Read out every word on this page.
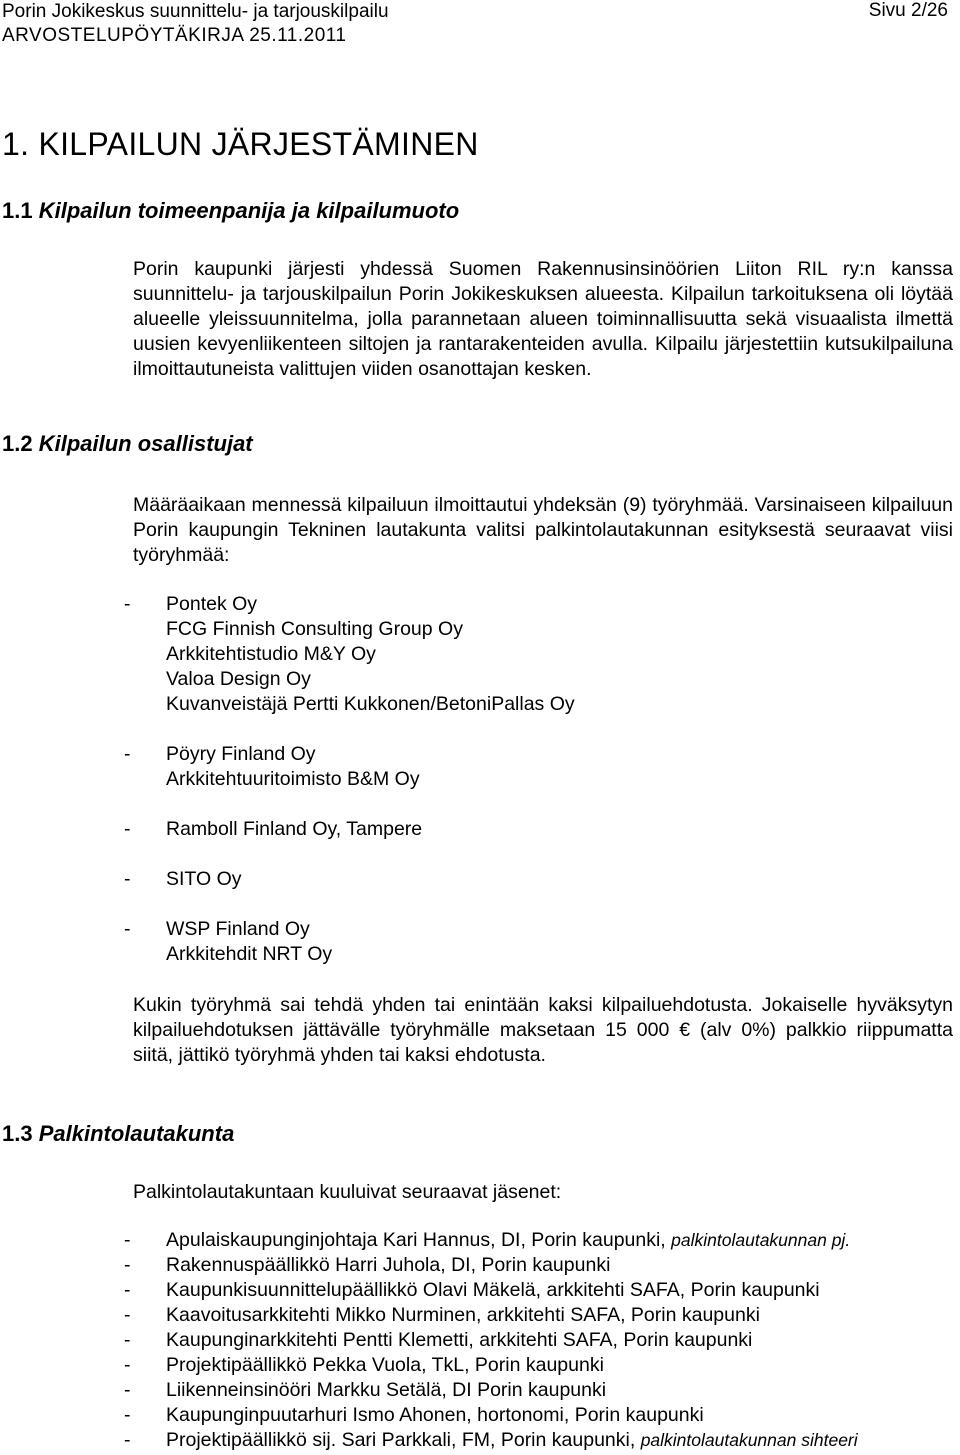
Porin Jokikeskus suunnittelu- ja tarjouskilpailu
ARVOSTELUPÖYTÄKIRJA 25.11.2011
Sivu 2/26
1. KILPAILUN JÄRJESTÄMINEN
1.1 Kilpailun toimeenpanija ja kilpailumuoto

Porin kaupunki järjesti yhdessä Suomen Rakennusinsinöörien Liiton RIL ry:n kanssa suunnittelu- ja tarjouskilpailun Porin Jokikeskuksen alueesta. Kilpailun tarkoituksena oli löytää alueelle yleissuunnitelma, jolla parannetaan alueen toiminnallisuutta sekä visuaalista ilmettä uusien kevyenliikenteen siltojen ja rantarakenteiden avulla. Kilpailu järjestettiin kutsukilpailuna ilmoittautuneista valittujen viiden osanottajan kesken.

1.2 Kilpailun osallistujat

Määräaikaan mennessä kilpailuun ilmoittautui yhdeksän (9) työryhmää. Varsinaiseen kilpailuun Porin kaupungin Tekninen lautakunta valitsi palkintolautakunnan esityksestä seuraavat viisi työryhmää:

- Pontek Oy
FCG Finnish Consulting Group Oy
Arkkitehtistudio M&Y Oy
Valoa Design Oy
Kuvanveistäjä Pertti Kukkonen/BetoniPallas Oy
- Pöyry Finland Oy
Arkkitehtuuritoimisto B&M Oy
- Ramboll Finland Oy, Tampere
- SITO Oy
- WSP Finland Oy
Arkkitehdit NRT Oy

Kukin työryhmä sai tehdä yhden tai enintään kaksi kilpailuehdotusta. Jokaiselle hyväksytyn kilpailuehdotuksen jättävälle työryhmälle maksetaan 15 000 € (alv 0%) palkkio riippumatta siitä, jättikö työryhmä yhden tai kaksi ehdotusta.

1.3 Palkintolautakunta

Palkintolautakuntaan kuuluivat seuraavat jäsenet:

- Apulaiskaupunginjohtaja Kari Hannus, DI, Porin kaupunki, palkintolautakunnan pj.
- Rakennuspäällikkö Harri Juhola, DI, Porin kaupunki
- Kaupunkisuunnittelupäällikkö Olavi Mäkelä, arkkitehti SAFA, Porin kaupunki
- Kaavoitusarkkitehti Mikko Nurminen, arkkitehti SAFA, Porin kaupunki
- Kaupunginarkkitehti Pentti Klemetti, arkkitehti SAFA, Porin kaupunki
- Projektipäällikkö Pekka Vuola, TkL, Porin kaupunki
- Liikenneinsinööri Markku Setälä, DI Porin kaupunki
- Kaupunginpuutarhuri Ismo Ahonen, hortonomi, Porin kaupunki
- Projektipäällikkö sij. Sari Parkkali, FM, Porin kaupunki, palkintolautakunnan sihteeri
